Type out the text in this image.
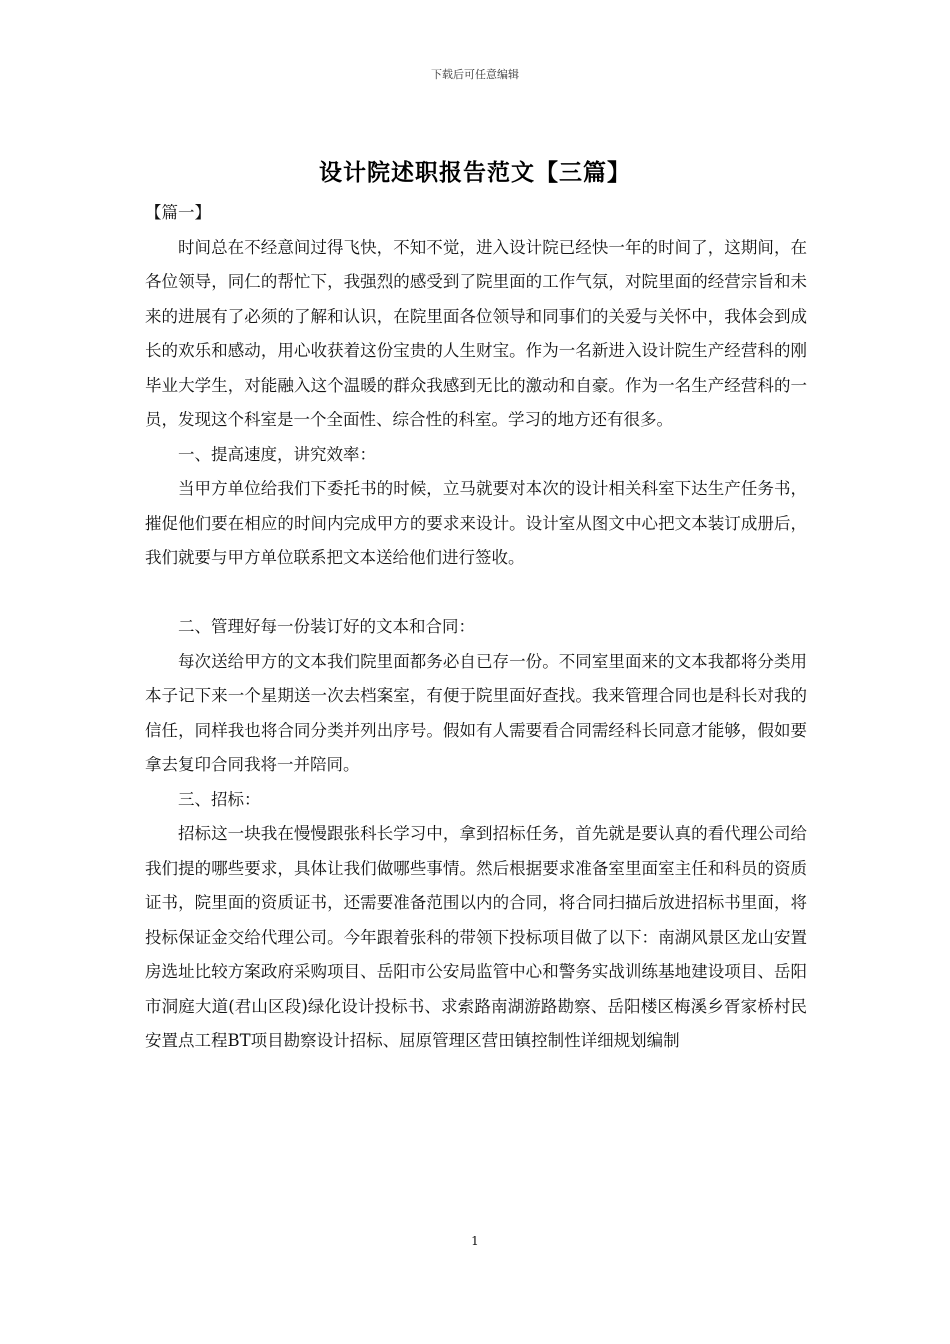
下载后可任意编辑
设计院述职报告范文【三篇】

【篇一】

时间总在不经意间过得飞快，不知不觉，进入设计院已经快一年的时间了，这期间，在各位领导，同仁的帮忙下，我强烈的感受到了院里面的工作气氛，对院里面的经营宗旨和未来的进展有了必须的了解和认识，在院里面各位领导和同事们的关爱与关怀中，我体会到成长的欢乐和感动，用心收获着这份宝贵的人生财宝。作为一名新进入设计院生产经营科的刚毕业大学生，对能融入这个温暖的群众我感到无比的激动和自豪。作为一名生产经营科的一员，发现这个科室是一个全面性、综合性的科室。学习的地方还有很多。

一、提高速度，讲究效率：

当甲方单位给我们下委托书的时候，立马就要对本次的设计相关科室下达生产任务书，摧促他们要在相应的时间内完成甲方的要求来设计。设计室从图文中心把文本装订成册后，我们就要与甲方单位联系把文本送给他们进行签收。

二、管理好每一份装订好的文本和合同：

每次送给甲方的文本我们院里面都务必自已存一份。不同室里面来的文本我都将分类用本子记下来一个星期送一次去档案室，有便于院里面好查找。我来管理合同也是科长对我的信任，同样我也将合同分类并列出序号。假如有人需要看合同需经科长同意才能够，假如要拿去复印合同我将一并陪同。

三、招标：

招标这一块我在慢慢跟张科长学习中，拿到招标任务，首先就是要认真的看代理公司给我们提的哪些要求，具体让我们做哪些事情。然后根据要求准备室里面室主任和科员的资质证书，院里面的资质证书，还需要准备范围以内的合同，将合同扫描后放进招标书里面，将投标保证金交给代理公司。今年跟着张科的带领下投标项目做了以下：南湖风景区龙山安置房选址比较方案政府采购项目、岳阳市公安局监管中心和警务实战训练基地建设项目、岳阳市洞庭大道(君山区段)绿化设计投标书、求索路南湖游路勘察、岳阳楼区梅溪乡胥家桥村民安置点工程BT项目勘察设计招标、屈原管理区营田镇控制性详细规划编制

1
